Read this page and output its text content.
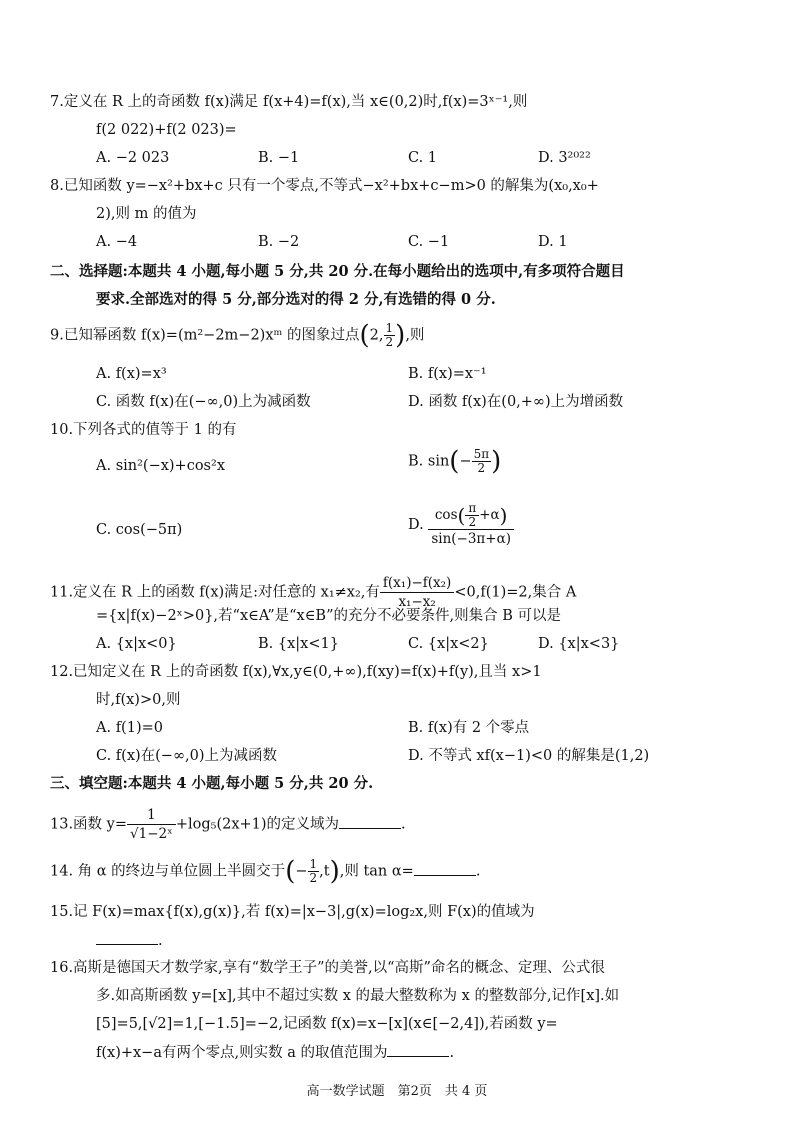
7.定义在 R 上的奇函数 f(x)满足 f(x+4)=f(x),当 x∈(0,2)时,f(x)=3ˣ⁻¹,则
f(2 022)+f(2 023)=
A. −2 023	B. −1	C. 1	D. 3²⁰²²
8.已知函数 y=−x²+bx+c 只有一个零点,不等式−x²+bx+c−m>0 的解集为(x₀,x₀+
2),则 m 的值为
A. −4	B. −2	C. −1	D. 1
二、选择题:本题共 4 小题,每小题 5 分,共 20 分.在每小题给出的选项中,有多项符合题目
要求.全部选对的得 5 分,部分选对的得 2 分,有选错的得 0 分.
9.已知幂函数 f(x)=(m²−2m−2)xᵐ 的图象过点(2, $\frac{1}{2}$ ),则
A. f(x)=x³	B. f(x)=x⁻¹
C. 函数 f(x)在(−∞,0)上为减函数	D. 函数 f(x)在(0,+∞)上为增函数
10.下列各式的值等于 1 的有
A. sin²(−x)+cos²x	B. $\sin(- \frac{5\pi}{2}$ )
C. cos(−5π)	D. $\frac{\cos( \frac{\pi}{2} +\alpha)}{\sin(-3\pi+\alpha)}$
11.定义在 R 上的函数 f(x)满足:对任意的 x₁≠x₂,有 $\frac{\text{f(x₁)−f(x₂)}}{\text{x₁−x₂}} <0,f(1)=2$,集合 A
={x|f(x)−2ˣ>0},若“x∈A”是“x∈B”的充分不必要条件,则集合 B 可以是
A. {x|x<0}	B. {x|x<1}	C. {x|x<2}	D. {x|x<3}
12.已知定义在 R 上的奇函数 f(x),∀x,y∈(0,+∞),f(xy)=f(x)+f(y),且当 x>1
时,f(x)>0,则
A. f(1)=0	B. f(x)有 2 个零点
C. f(x)在(−∞,0)上为减函数	D. 不等式 xf(x−1)<0 的解集是(1,2)
三、填空题:本题共 4 小题,每小题 5 分,共 20 分.
13.函数 $y= \frac{1}{\text{√1−2ˣ}} +\log_5(2x+1)$的定义域为	.
14. 角 α 的终边与单位圆上半圆交于(− $\frac{1}{2} ,t$),则 tan α=	.
15.记 F(x)=max{f(x),g(x)},若 f(x)=|x−3|,g(x)=log₂x,则 F(x)的值域为
.
16.高斯是德国天才数学家,享有“数学王子”的美誉,以“高斯”命名的概念、定理、公式很
多.如高斯函数 y=[x],其中不超过实数 x 的最大整数称为 x 的整数部分,记作[x].如
[5]=5,[√2]=1,[−1.5]=−2,记函数 f(x)=x−[x](x∈[−2,4]),若函数 y=
f(x)+x−a有两个零点,则实数 a 的取值范围为	.
高一数学试题　第2页　共 4 页
